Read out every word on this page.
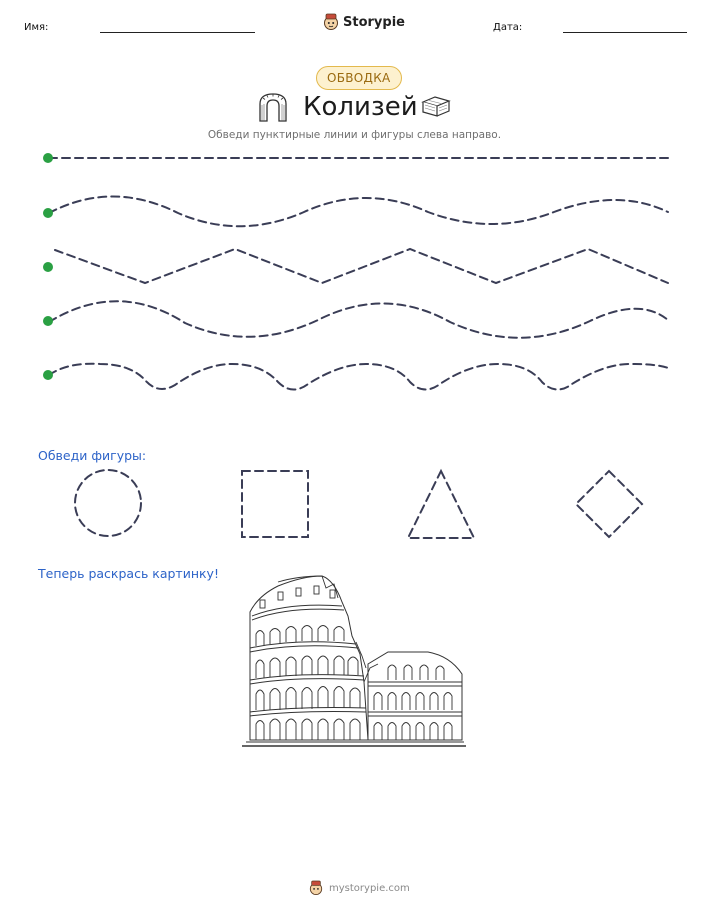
Имя:	Storypie	Дата:
ОБВОДКА
Колизей
Обведи пунктирные линии и фигуры слева направо.
Обведи фигуры:
Теперь раскрась картинку!
mystorypie.com
